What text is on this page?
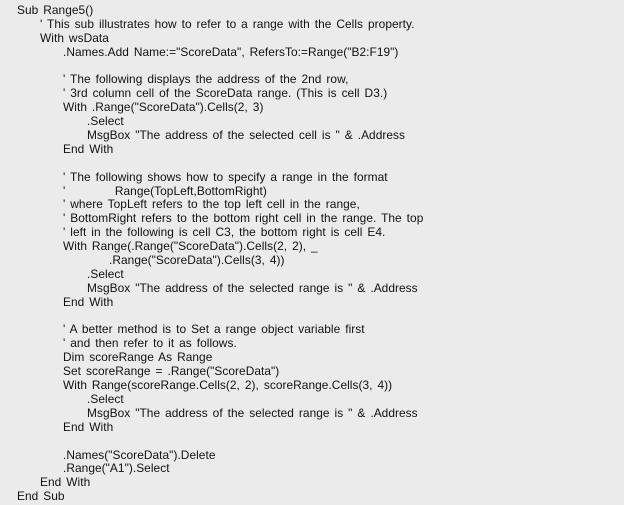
Sub Range5()
' This sub illustrates how to refer to a range with the Cells property.
With wsData
.Names.Add Name:="ScoreData", RefersTo:=Range("B2:F19")
' The following displays the address of the 2nd row,
' 3rd column cell of the ScoreData range. (This is cell D3.)
With .Range("ScoreData").Cells(2, 3)
.Select
MsgBox "The address of the selected cell is " & .Address
End With
' The following shows how to specify a range in the format
'          Range(TopLeft,BottomRight)
' where TopLeft refers to the top left cell in the range,
' BottomRight refers to the bottom right cell in the range. The top
' left in the following is cell C3, the bottom right is cell E4.
With Range(.Range("ScoreData").Cells(2, 2), _
.Range("ScoreData").Cells(3, 4))
.Select
MsgBox "The address of the selected range is " & .Address
End With
' A better method is to Set a range object variable first
' and then refer to it as follows.
Dim scoreRange As Range
Set scoreRange = .Range("ScoreData")
With Range(scoreRange.Cells(2, 2), scoreRange.Cells(3, 4))
.Select
MsgBox "The address of the selected range is " & .Address
End With
.Names("ScoreData").Delete
.Range("A1").Select
End With
End Sub
